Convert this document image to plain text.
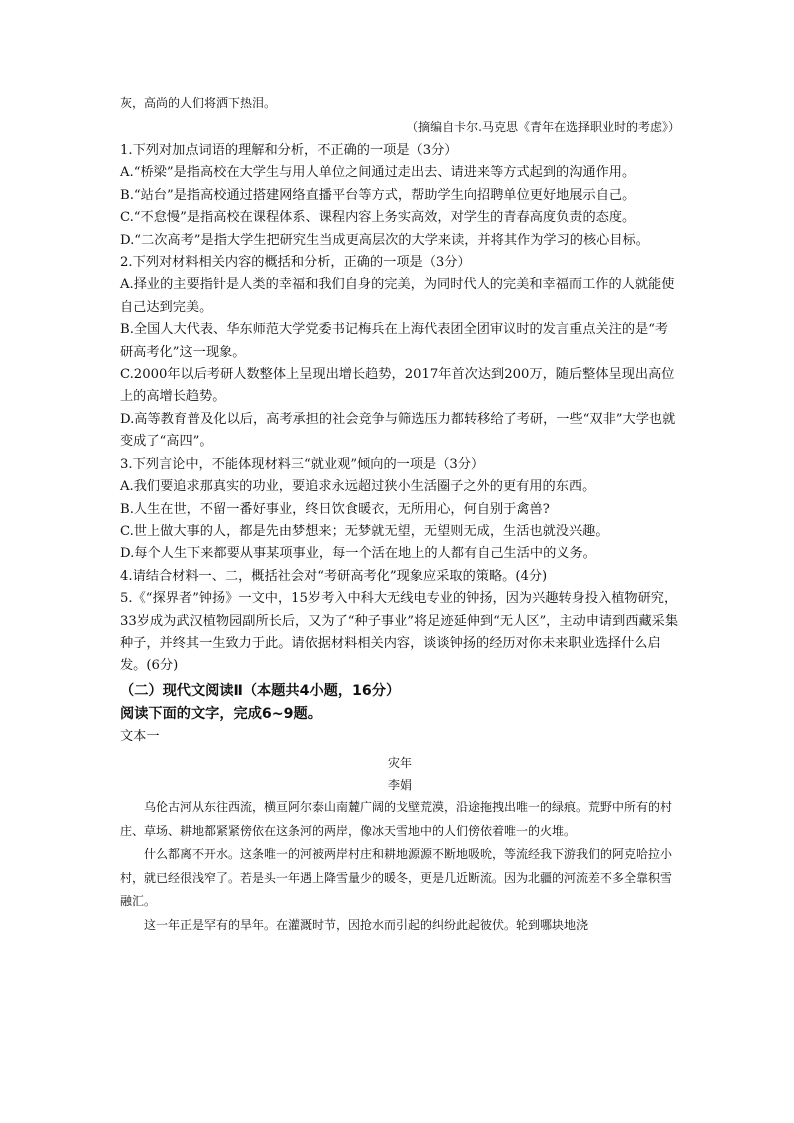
灰，高尚的人们将洒下热泪。

（摘编自卡尔.马克思《青年在选择职业时的考虑》）

1.下列对加点词语的理解和分析，不正确的一项是（3分）

A.“桥梁”是指高校在大学生与用人单位之间通过走出去、请进来等方式起到的沟通作用。

B.“站台”是指高校通过搭建网络直播平台等方式，帮助学生向招聘单位更好地展示自己。

C.“不怠慢”是指高校在课程体系、课程内容上务实高效，对学生的青春高度负责的态度。

D.“二次高考”是指大学生把研究生当成更高层次的大学来读，并将其作为学习的核心目标。

2.下列对材料相关内容的概括和分析，正确的一项是（3分）

A.择业的主要指针是人类的幸福和我们自身的完美，为同时代人的完美和幸福而工作的人就能使自己达到完美。

B.全国人大代表、华东师范大学党委书记梅兵在上海代表团全团审议时的发言重点关注的是“考研高考化”这一现象。

C.2000年以后考研人数整体上呈现出增长趋势，2017年首次达到200万，随后整体呈现出高位上的高增长趋势。

D.高等教育普及化以后，高考承担的社会竞争与筛选压力都转移给了考研，一些“双非”大学也就变成了“高四”。

3.下列言论中，不能体现材料三“就业观”倾向的一项是（3分）

A.我们要追求那真实的功业，要追求永远超过狭小生活圈子之外的更有用的东西。

B.人生在世，不留一番好事业，终日饮食暖衣，无所用心，何自别于禽兽?

C.世上做大事的人，都是先由梦想来；无梦就无望，无望则无成，生活也就没兴趣。

D.每个人生下来都要从事某项事业，每一个活在地上的人都有自己生活中的义务。

4.请结合材料一、二，概括社会对“考研高考化”现象应采取的策略。(4分)

5.《“探界者”钟扬》一文中，15岁考入中科大无线电专业的钟扬，因为兴趣转身投入植物研究，33岁成为武汉植物园副所长后，又为了“种子事业”将足迹延伸到“无人区”，主动申请到西藏采集种子，并终其一生致力于此。请依据材料相关内容，谈谈钟扬的经历对你未来职业选择什么启发。(6分)

（二）现代文阅读Ⅱ（本题共4小题，16分）

阅读下面的文字，完成6~9题。

文本一

灾年

李娟

乌伦古河从东往西流，横亘阿尔泰山南麓广阔的戈壁荒漠，沿途拖拽出唯一的绿痕。荒野中所有的村庄、草场、耕地都紧紧傍依在这条河的两岸，像冰天雪地中的人们傍依着唯一的火堆。

什么都离不开水。这条唯一的河被两岸村庄和耕地源源不断地吸吮，等流经我下游我们的阿克哈拉小村，就已经很浅窄了。若是头一年遇上降雪量少的暖冬，更是几近断流。因为北疆的河流差不多全靠积雪融汇。

这一年正是罕有的旱年。在灌溉时节，因抢水而引起的纠纷此起彼伏。轮到哪块地浇
